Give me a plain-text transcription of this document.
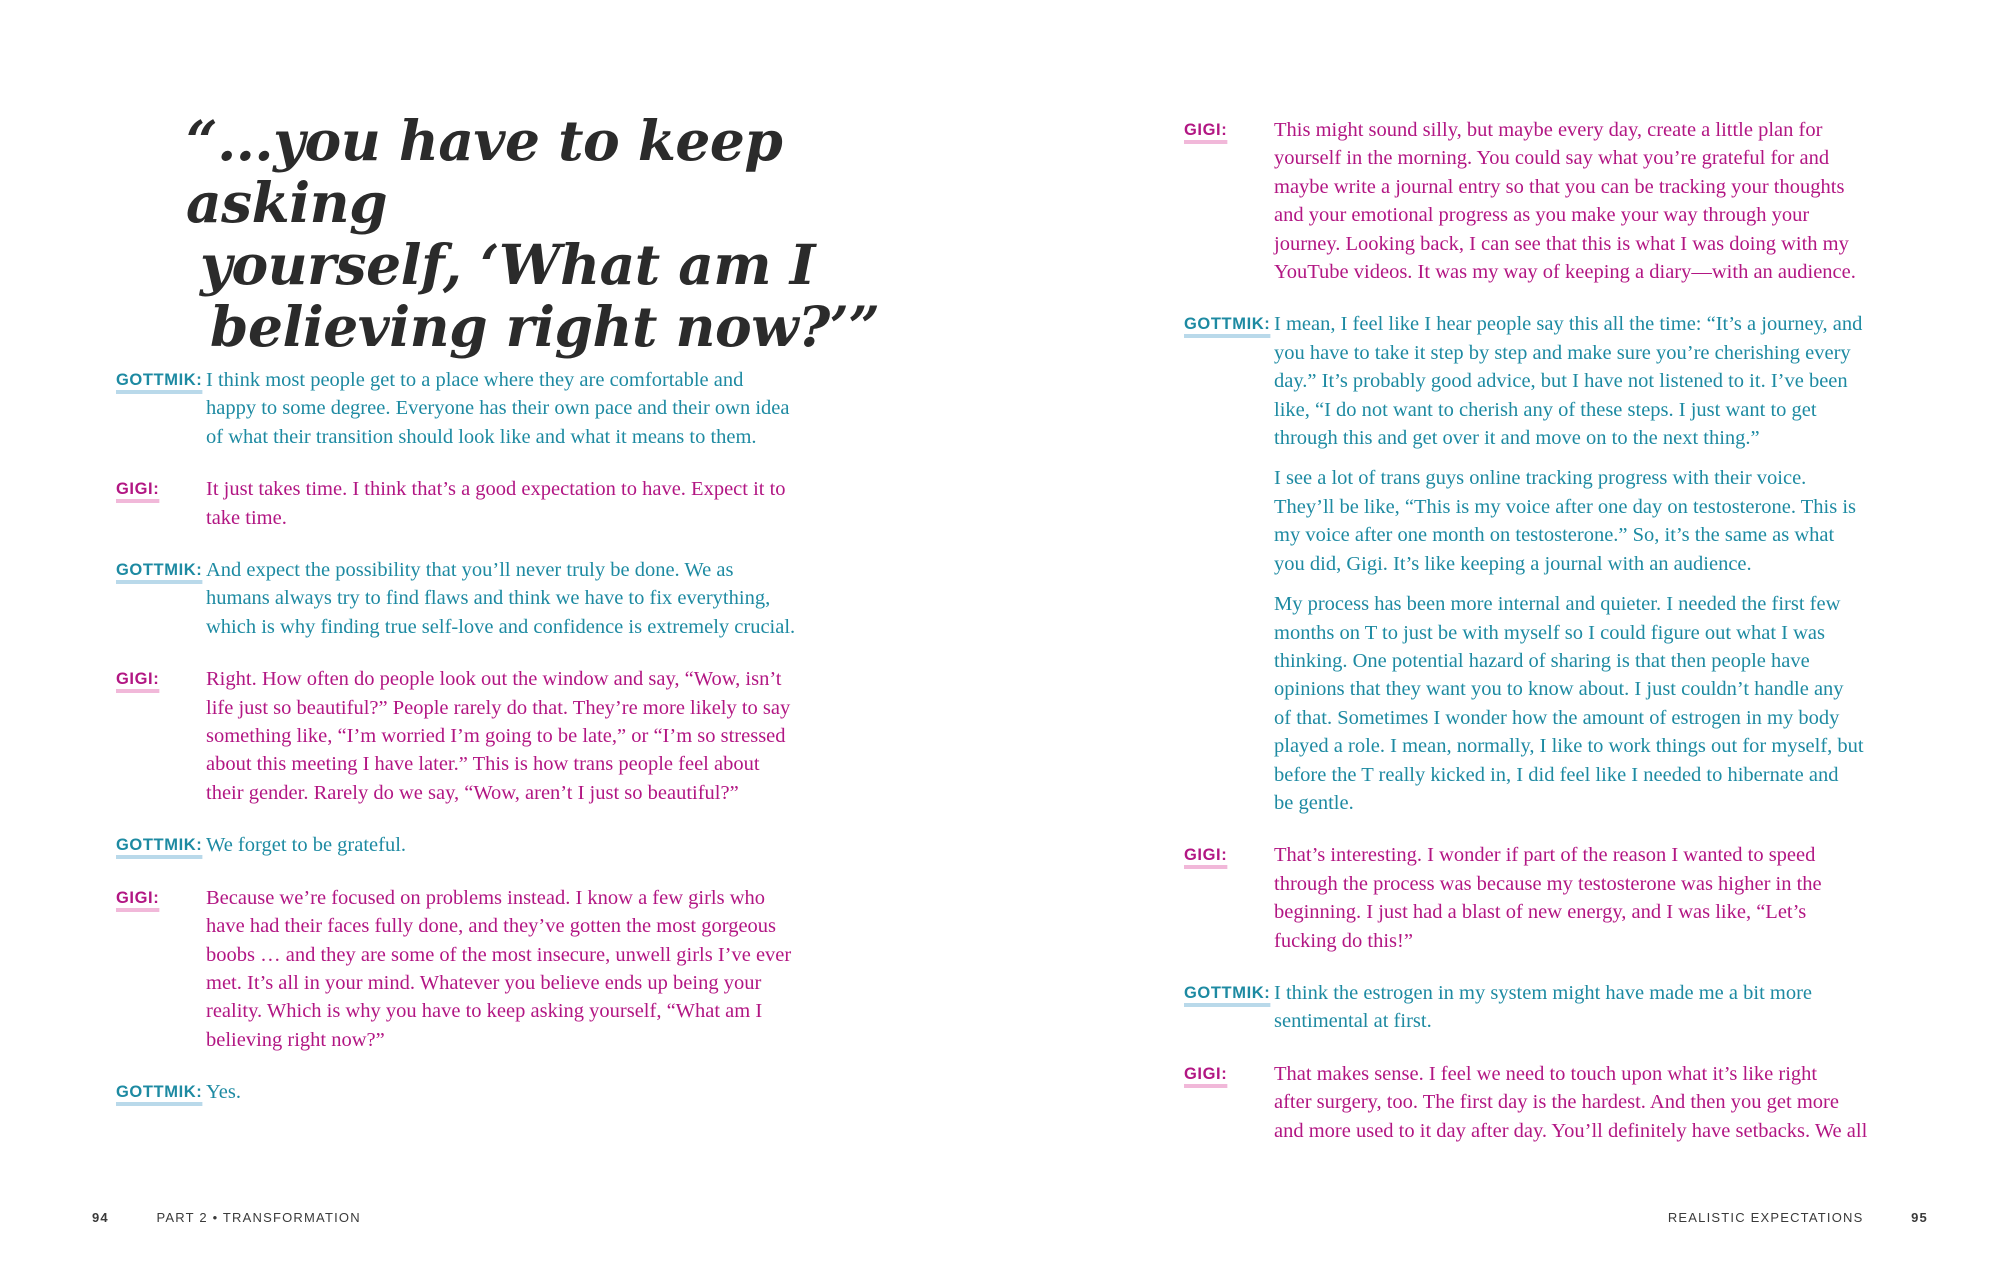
“...you have to keep asking
yourself, ‘What am I
believing right now?’”
GOTTMIK: I think most people get to a place where they are comfortable and
happy to some degree. Everyone has their own pace and their own idea
of what their transition should look like and what it means to them.

GIGI:	It just takes time. I think that’s a good expectation to have. Expect it to
take time.

GOTTMIK: And expect the possibility that you’ll never truly be done. We as
humans always try to find flaws and think we have to fix everything,
which is why finding true self-love and confidence is extremely crucial.

GIGI:	Right. How often do people look out the window and say, “Wow, isn’t
life just so beautiful?” People rarely do that. They’re more likely to say
something like, “I’m worried I’m going to be late,” or “I’m so stressed
about this meeting I have later.” This is how trans people feel about
their gender. Rarely do we say, “Wow, aren’t I just so beautiful?”

GOTTMIK: We forget to be grateful.

GIGI:	Because we’re focused on problems instead. I know a few girls who
have had their faces fully done, and they’ve gotten the most gorgeous
boobs … and they are some of the most insecure, unwell girls I’ve ever
met. It’s all in your mind. Whatever you believe ends up being your
reality. Which is why you have to keep asking yourself, “What am I
believing right now?”

GOTTMIK: Yes.

94	PART 2 • TRANSFORMATION
GIGI:	This might sound silly, but maybe every day, create a little plan for
yourself in the morning. You could say what you’re grateful for and
maybe write a journal entry so that you can be tracking your thoughts
and your emotional progress as you make your way through your
journey. Looking back, I can see that this is what I was doing with my
YouTube videos. It was my way of keeping a diary—with an audience.

GOTTMIK: I mean, I feel like I hear people say this all the time: “It’s a journey, and
you have to take it step by step and make sure you’re cherishing every
day.” It’s probably good advice, but I have not listened to it. I’ve been
like, “I do not want to cherish any of these steps. I just want to get
through this and get over it and move on to the next thing.”

I see a lot of trans guys online tracking progress with their voice.
They’ll be like, “This is my voice after one day on testosterone. This is
my voice after one month on testosterone.” So, it’s the same as what
you did, Gigi. It’s like keeping a journal with an audience.

My process has been more internal and quieter. I needed the first few
months on T to just be with myself so I could figure out what I was
thinking. One potential hazard of sharing is that then people have
opinions that they want you to know about. I just couldn’t handle any
of that. Sometimes I wonder how the amount of estrogen in my body
played a role. I mean, normally, I like to work things out for myself, but
before the T really kicked in, I did feel like I needed to hibernate and
be gentle.

GIGI:	That’s interesting. I wonder if part of the reason I wanted to speed
through the process was because my testosterone was higher in the
beginning. I just had a blast of new energy, and I was like, “Let’s
fucking do this!”

GOTTMIK: I think the estrogen in my system might have made me a bit more
sentimental at first.

GIGI:	That makes sense. I feel we need to touch upon what it’s like right
after surgery, too. The first day is the hardest. And then you get more
and more used to it day after day. You’ll definitely have setbacks. We all

REALISTIC EXPECTATIONS	95
